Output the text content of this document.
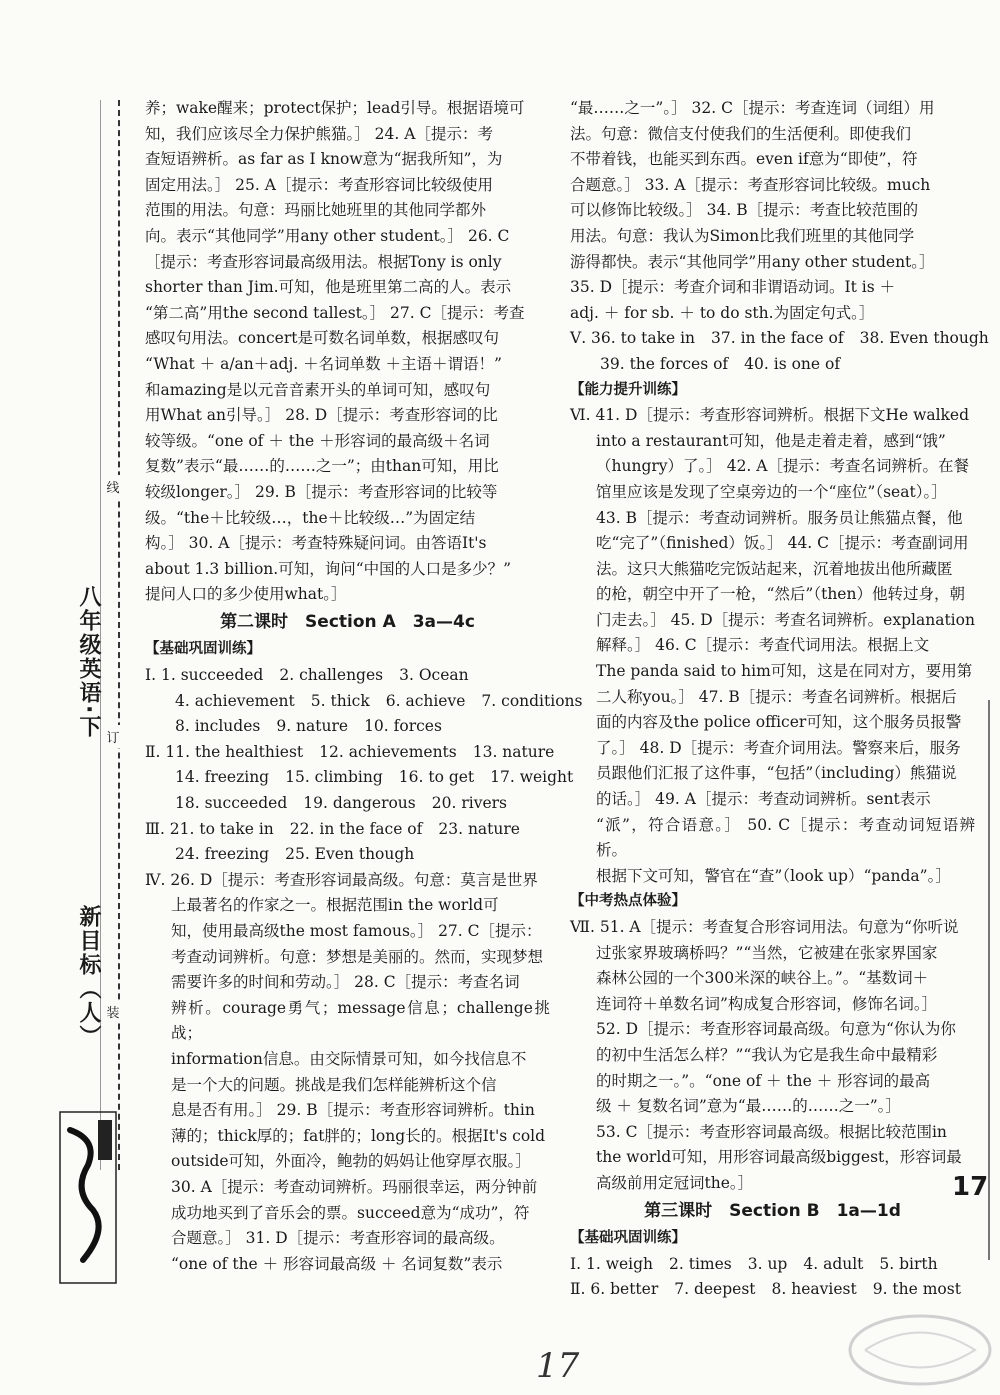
线
订
装
八年级英语·下
新目标（人）

养；wake醒来；protect保护；lead引导。根据语境可

知，我们应该尽全力保护熊猫。］ 24. A［提示：考

查短语辨析。as far as I know意为“据我所知”，为

固定用法。］ 25. A［提示：考查形容词比较级使用

范围的用法。句意：玛丽比她班里的其他同学都外

向。表示“其他同学”用any other student。］ 26. C

［提示：考查形容词最高级用法。根据Tony is only

shorter than Jim.可知，他是班里第二高的人。表示

“第二高”用the second tallest。］ 27. C［提示：考查

感叹句用法。concert是可数名词单数，根据感叹句

“What ＋ a/an＋adj. ＋名词单数 ＋主语＋谓语！”

和amazing是以元音音素开头的单词可知，感叹句

用What an引导。］ 28. D［提示：考查形容词的比

较等级。“one of ＋ the ＋形容词的最高级＋名词

复数”表示“最……的……之一”；由than可知，用比

较级longer。］ 29. B［提示：考查形容词的比较等

级。“the＋比较级…，the＋比较级…”为固定结

构。］ 30. A［提示：考查特殊疑问词。由答语It's

about 1.3 billion.可知，询问“中国的人口是多少？”

提问人口的多少使用what。］

第二课时　Section A　3a—4c
【基础巩固训练】
Ⅰ. 1. succeeded 2. challenges 3. Ocean
4. achievement 5. thick 6. achieve 7. conditions
8. includes 9. nature 10. forces
Ⅱ. 11. the healthiest 12. achievements 13. nature
14. freezing 15. climbing 16. to get 17. weight
18. succeeded 19. dangerous 20. rivers
Ⅲ. 21. to take in 22. in the face of 23. nature
24. freezing 25. Even though

Ⅳ. 26. D［提示：考查形容词最高级。句意：莫言是世界

上最著名的作家之一。根据范围in the world可

知，使用最高级the most famous。］ 27. C［提示：

考查动词辨析。句意：梦想是美丽的。然而，实现梦想

需要许多的时间和劳动。］ 28. C［提示：考查名词

辨析。courage勇气；message信息；challenge挑战；

information信息。由交际情景可知，如今找信息不

是一个大的问题。挑战是我们怎样能辨析这个信

息是否有用。］ 29. B［提示：考查形容词辨析。thin

薄的；thick厚的；fat胖的；long长的。根据It's cold

outside可知，外面冷，鲍勃的妈妈让他穿厚衣服。］

30. A［提示：考查动词辨析。玛丽很幸运，两分钟前

成功地买到了音乐会的票。succeed意为“成功”，符

合题意。］ 31. D［提示：考查形容词的最高级。

“one of the ＋ 形容词最高级 ＋ 名词复数”表示

“最……之一”。］ 32. C［提示：考查连词（词组）用

法。句意：微信支付使我们的生活便利。即使我们

不带着钱，也能买到东西。even if意为“即使”，符

合题意。］ 33. A［提示：考查形容词比较级。much

可以修饰比较级。］ 34. B［提示：考查比较范围的

用法。句意：我认为Simon比我们班里的其他同学

游得都快。表示“其他同学”用any other student。］

35. D［提示：考查介词和非谓语动词。It is ＋

adj. ＋ for sb. ＋ to do sth.为固定句式。］

Ⅴ. 36. to take in 37. in the face of 38. Even though
39. the forces of 40. is one of
【能力提升训练】

Ⅵ. 41. D［提示：考查形容词辨析。根据下文He walked

into a restaurant可知，他是走着走着，感到“饿”

（hungry）了。］ 42. A［提示：考查名词辨析。在餐

馆里应该是发现了空桌旁边的一个“座位”（seat）。］

43. B［提示：考查动词辨析。服务员让熊猫点餐，他

吃“完了”（finished）饭。］ 44. C［提示：考查副词用

法。这只大熊猫吃完饭站起来，沉着地拔出他所藏匿

的枪，朝空中开了一枪，“然后”（then）他转过身，朝

门走去。］ 45. D［提示：考查名词辨析。explanation

解释。］ 46. C［提示：考查代词用法。根据上文

The panda said to him可知，这是在同对方，要用第

二人称you。］ 47. B［提示：考查名词辨析。根据后

面的内容及the police officer可知，这个服务员报警

了。］ 48. D［提示：考查介词用法。警察来后，服务

员跟他们汇报了这件事，“包括”（including）熊猫说

的话。］ 49. A［提示：考查动词辨析。sent表示

“派”，符合语意。］ 50. C［提示：考查动词短语辨析。

根据下文可知，警官在“查”（look up）“panda”。］

【中考热点体验】

Ⅶ. 51. A［提示：考查复合形容词用法。句意为“你听说

过张家界玻璃桥吗？”“当然，它被建在张家界国家

森林公园的一个300米深的峡谷上。”。“基数词＋

连词符＋单数名词”构成复合形容词，修饰名词。］

52. D［提示：考查形容词最高级。句意为“你认为你

的初中生活怎么样？”“我认为它是我生命中最精彩

的时期之一。”。“one of ＋ the ＋ 形容词的最高

级 ＋ 复数名词”意为“最……的……之一”。］

53. C［提示：考查形容词最高级。根据比较范围in

the world可知，用形容词最高级biggest，形容词最

高级前用定冠词the。］

第三课时　Section B　1a—1d
【基础巩固训练】
Ⅰ. 1. weigh 2. times 3. up 4. adult 5. birth
Ⅱ. 6. better 7. deepest 8. heaviest 9. the most
17
17
